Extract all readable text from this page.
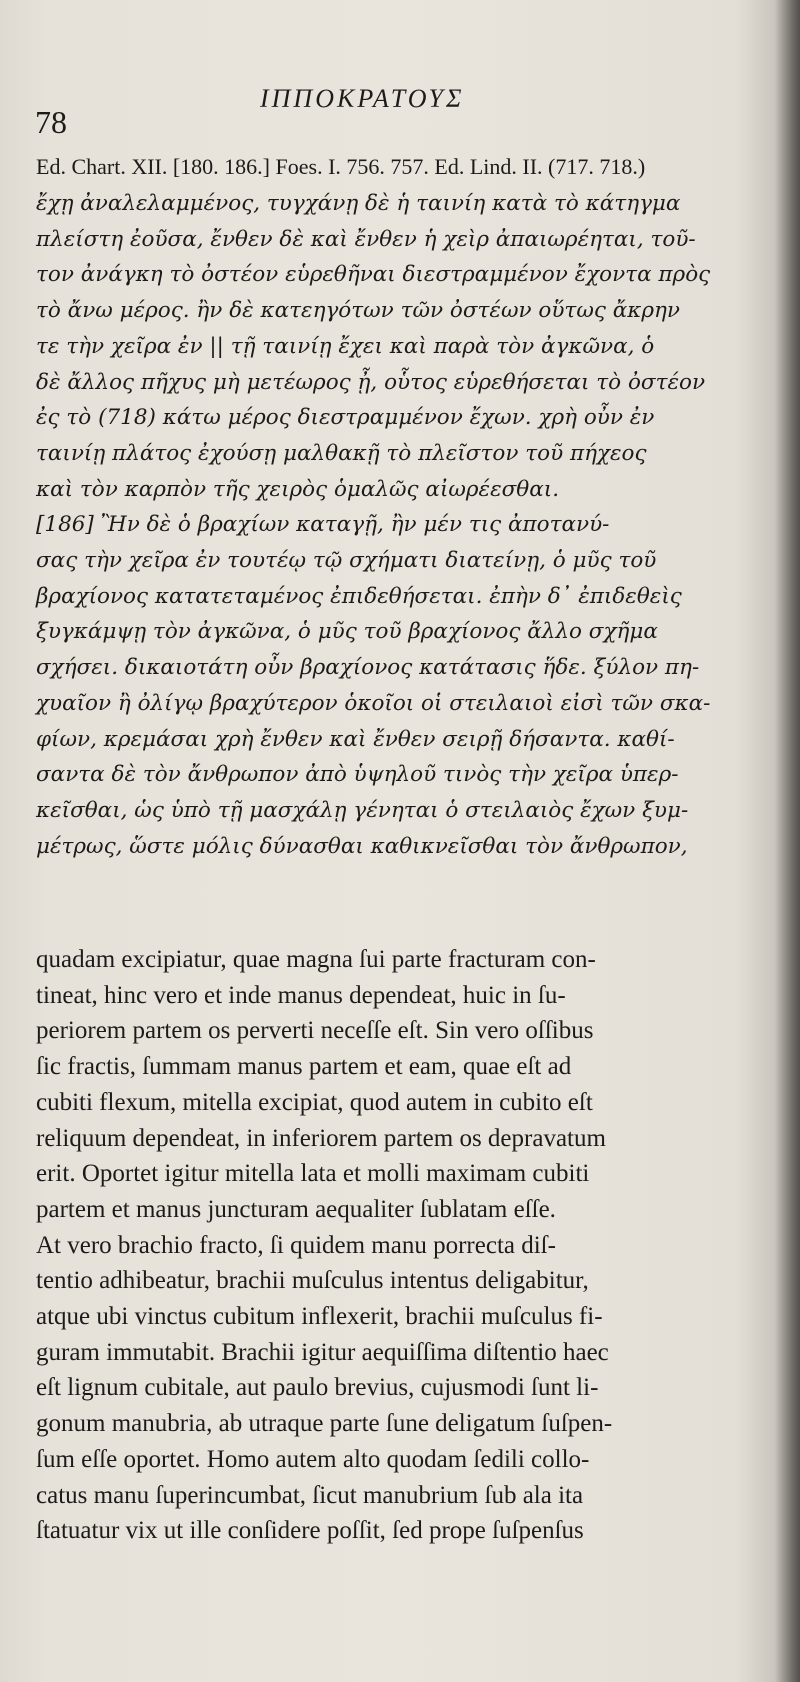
78
ΙΠΠΟΚΡΑΤΟΥΣ
Ed. Chart. XII. [180. 186.] Foes. I. 756. 757. Ed. Lind. II. (717. 718.)
ἔχῃ ἀναλελαμμένος, τυγχάνῃ δὲ ἡ ταινίη κατὰ τὸ κάτηγμα
πλείστη ἐοῦσα, ἔνθεν δὲ καὶ ἔνθεν ἡ χεὶρ ἀπαιωρέηται, τοῦ-
τον ἀνάγκη τὸ ὀστέον εὑρεθῆναι διεστραμμένον ἔχοντα πρὸς
τὸ ἄνω μέρος. ἢν δὲ κατεηγότων τῶν ὀστέων οὕτως ἄκρην
τε τὴν χεῖρα ἐν || τῇ ταινίῃ ἔχει καὶ παρὰ τὸν ἀγκῶνα, ὁ
δὲ ἄλλος πῆχυς μὴ μετέωρος ᾖ, οὗτος εὑρεθήσεται τὸ ὀστέον
ἐς τὸ (718) κάτω μέρος διεστραμμένον ἔχων. χρὴ οὖν ἐν
ταινίῃ πλάτος ἐχούσῃ μαλθακῇ τὸ πλεῖστον τοῦ πήχεος
καὶ τὸν καρπὸν τῆς χειρὸς ὁμαλῶς αἰωρέεσθαι.
[186] Ἢν δὲ ὁ βραχίων καταγῇ, ἢν μέν τις ἀποτανύ-
σας τὴν χεῖρα ἐν τουτέῳ τῷ σχήματι διατείνῃ, ὁ μῦς τοῦ
βραχίονος κατατεταμένος ἐπιδεθήσεται. ἐπὴν δ᾽ ἐπιδεθεὶς
ξυγκάμψῃ τὸν ἀγκῶνα, ὁ μῦς τοῦ βραχίονος ἄλλο σχῆμα
σχήσει. δικαιοτάτη οὖν βραχίονος κατάτασις ἥδε. ξύλον πη-
χυαῖον ἢ ὀλίγῳ βραχύτερον ὁκοῖοι οἱ στειλαιοὶ εἰσὶ τῶν σκα-
φίων, κρεμάσαι χρὴ ἔνθεν καὶ ἔνθεν σειρῇ δήσαντα. καθί-
σαντα δὲ τὸν ἄνθρωπον ἀπὸ ὑψηλοῦ τινὸς τὴν χεῖρα ὑπερ-
κεῖσθαι, ὡς ὑπὸ τῇ μασχάλῃ γένηται ὁ στειλαιὸς ἔχων ξυμ-
μέτρως, ὥστε μόλις δύνασθαι καθικνεῖσθαι τὸν ἄνθρωπον,
quadam excipiatur, quae magna ſui parte fracturam con-
tineat, hinc vero et inde manus dependeat, huic in ſu-
periorem partem os perverti neceſſe eſt. Sin vero oſſibus
ſic fractis, ſummam manus partem et eam, quae eſt ad
cubiti flexum, mitella excipiat, quod autem in cubito eſt
reliquum dependeat, in inferiorem partem os depravatum
erit. Oportet igitur mitella lata et molli maximam cubiti
partem et manus juncturam aequaliter ſublatam eſſe.
At vero brachio fracto, ſi quidem manu porrecta diſ-
tentio adhibeatur, brachii muſculus intentus deligabitur,
atque ubi vinctus cubitum inflexerit, brachii muſculus fi-
guram immutabit. Brachii igitur aequiſſima diſtentio haec
eſt lignum cubitale, aut paulo brevius, cujusmodi ſunt li-
gonum manubria, ab utraque parte ſune deligatum ſuſpen-
ſum eſſe oportet. Homo autem alto quodam ſedili collo-
catus manu ſuperincumbat, ſicut manubrium ſub ala ita
ſtatuatur vix ut ille conſidere poſſit, ſed prope ſuſpenſus
